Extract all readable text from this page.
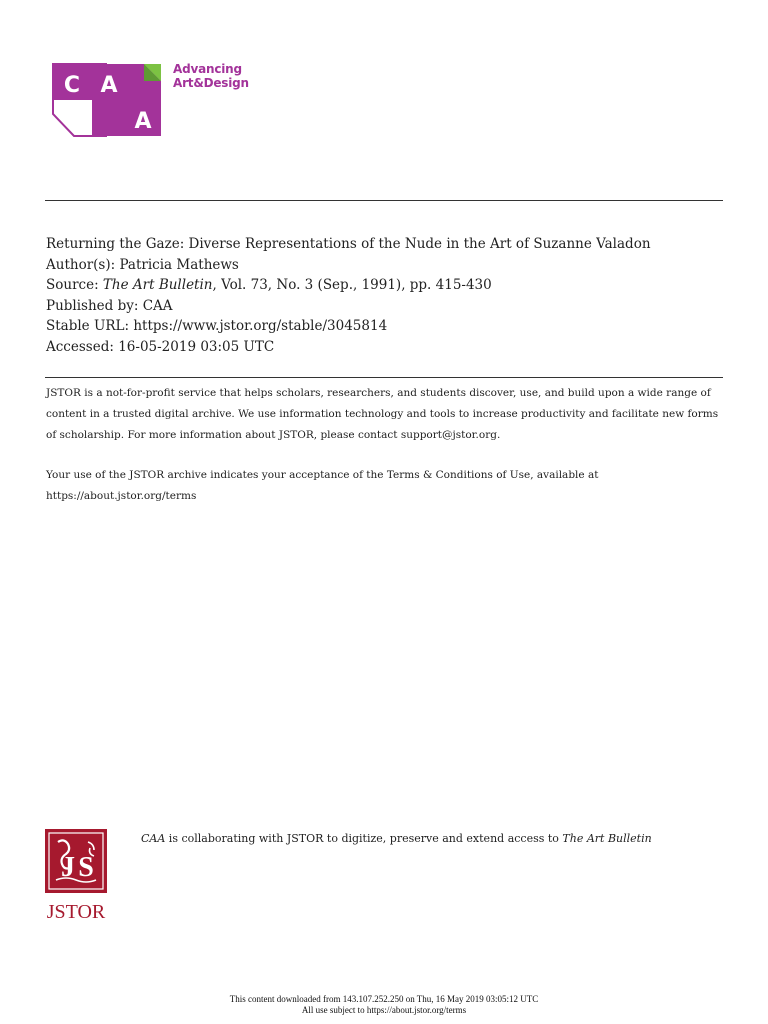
C A
A
Advancing
Art&Design
Returning the Gaze: Diverse Representations of the Nude in the Art of Suzanne Valadon
Author(s): Patricia Mathews
Source: The Art Bulletin, Vol. 73, No. 3 (Sep., 1991), pp. 415-430
Published by: CAA
Stable URL: https://www.jstor.org/stable/3045814
Accessed: 16-05-2019 03:05 UTC

JSTOR is a not-for-profit service that helps scholars, researchers, and students discover, use, and build upon a wide range of content in a trusted digital archive. We use information technology and tools to increase productivity and facilitate new forms of scholarship. For more information about JSTOR, please contact support@jstor.org.

Your use of the JSTOR archive indicates your acceptance of the Terms & Conditions of Use, available at https://about.jstor.org/terms

J S
JSTOR
CAA is collaborating with JSTOR to digitize, preserve and extend access to The Art Bulletin
This content downloaded from 143.107.252.250 on Thu, 16 May 2019 03:05:12 UTC
All use subject to https://about.jstor.org/terms
